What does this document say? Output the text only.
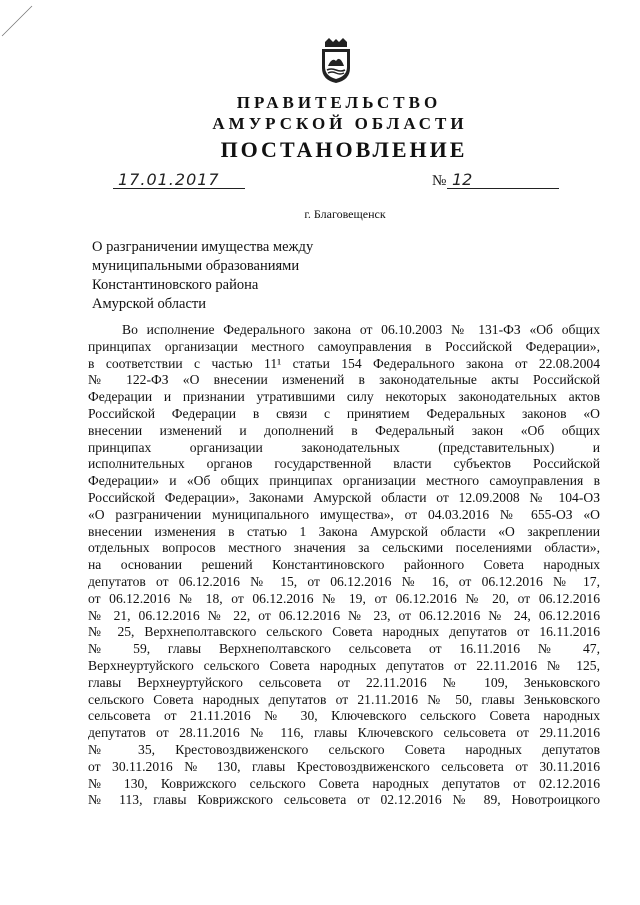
ПРАВИТЕЛЬСТВО
АМУРСКОЙ ОБЛАСТИ
ПОСТАНОВЛЕНИЕ
17.01.2017	№ 12
г. Благовещенск
О разграничении имущества между
муниципальными образованиями
Константиновского района
Амурской области
Во исполнение Федерального закона от 06.10.2003 № 131-ФЗ «Об общих
принципах организации местного самоуправления в Российской Федерации»,
в соответствии с частью 11¹ статьи 154 Федерального закона от 22.08.2004
№ 122-ФЗ «О внесении изменений в законодательные акты Российской
Федерации и признании утратившими силу некоторых законодательных актов
Российской Федерации в связи с принятием Федеральных законов «О
внесении изменений и дополнений в Федеральный закон «Об общих
принципах организации законодательных (представительных) и
исполнительных органов государственной власти субъектов Российской
Федерации» и «Об общих принципах организации местного самоуправления в
Российской Федерации», Законами Амурской области от 12.09.2008 № 104-ОЗ
«О разграничении муниципального имущества», от 04.03.2016 № 655-ОЗ «О
внесении изменения в статью 1 Закона Амурской области «О закреплении
отдельных вопросов местного значения за сельскими поселениями области»,
на основании решений Константиновского районного Совета народных
депутатов от 06.12.2016 № 15, от 06.12.2016 № 16, от 06.12.2016 № 17,
от 06.12.2016 № 18, от 06.12.2016 № 19, от 06.12.2016 № 20, от 06.12.2016
№ 21, 06.12.2016 № 22, от 06.12.2016 № 23, от 06.12.2016 № 24, 06.12.2016
№ 25, Верхнеполтавского сельского Совета народных депутатов от 16.11.2016
№ 59, главы Верхнеполтавского сельсовета от 16.11.2016 № 47,
Верхнеуртуйского сельского Совета народных депутатов от 22.11.2016 № 125,
главы Верхнеуртуйского сельсовета от 22.11.2016 № 109, Зеньковского
сельского Совета народных депутатов от 21.11.2016 № 50, главы Зеньковского
сельсовета от 21.11.2016 № 30, Ключевского сельского Совета народных
депутатов от 28.11.2016 № 116, главы Ключевского сельсовета от 29.11.2016
№ 35, Крестовоздвиженского сельского Совета народных депутатов
от 30.11.2016 № 130, главы Крестовоздвиженского сельсовета от 30.11.2016
№ 130, Коврижского сельского Совета народных депутатов от 02.12.2016
№ 113, главы Коврижского сельсовета от 02.12.2016 № 89, Новотроицкого
